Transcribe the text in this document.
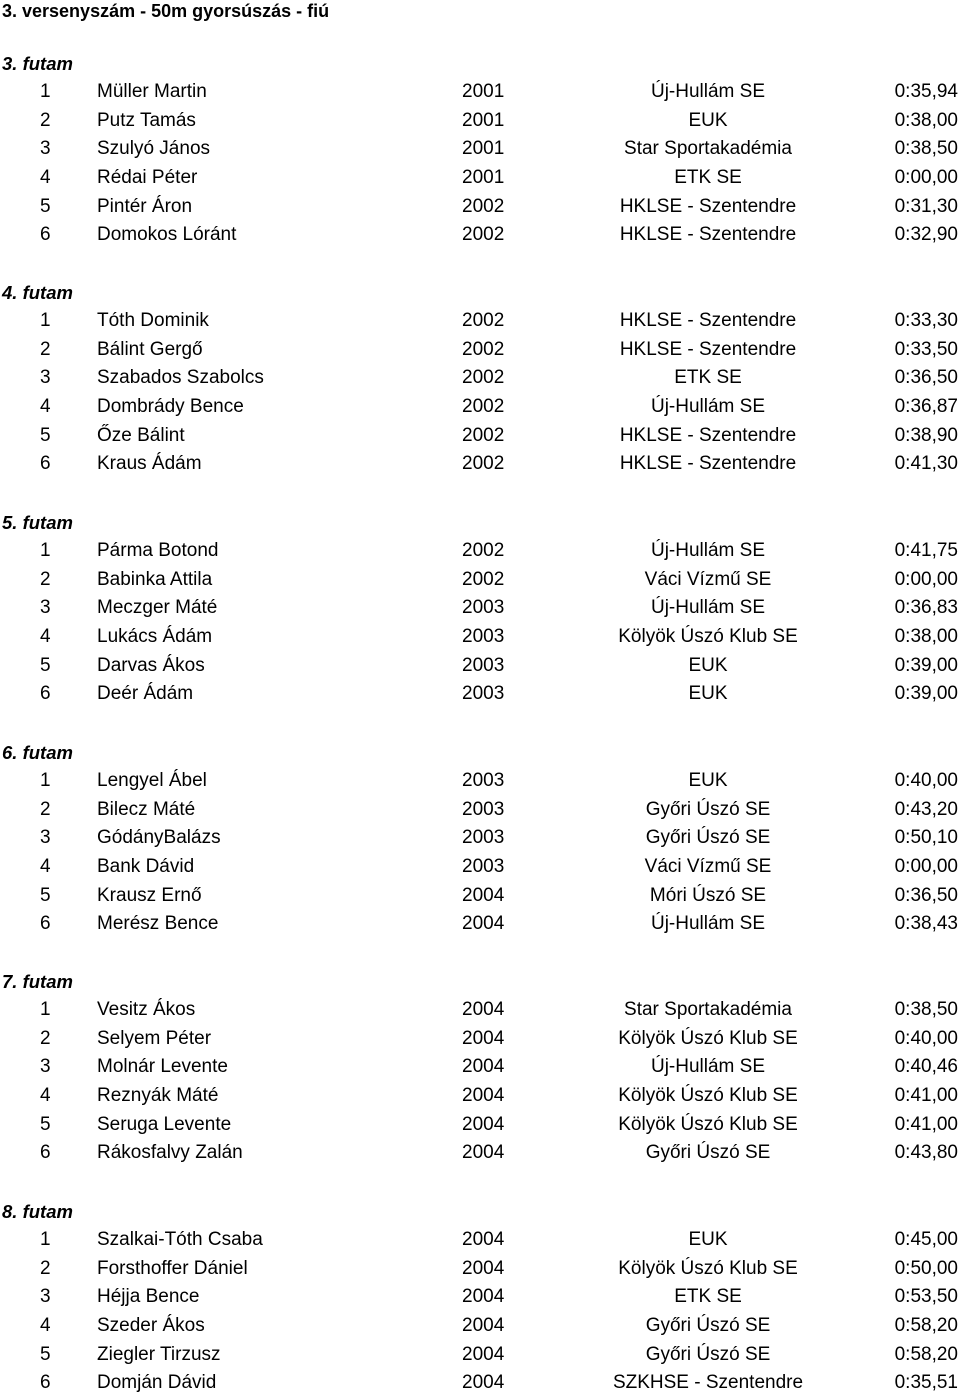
3. versenyszám - 50m gyorsúszás - fiú
3. futam
1 Müller Martin	2001	Új-Hullám SE	0:35,94
2 Putz Tamás	2001	EUK	0:38,00
3 Szulyó János	2001	Star Sportakadémia	0:38,50
4 Rédai Péter	2001	ETK SE	0:00,00
5 Pintér Áron	2002	HKLSE - Szentendre	0:31,30
6 Domokos Lóránt	2002	HKLSE - Szentendre	0:32,90
4. futam
1 Tóth Dominik	2002	HKLSE - Szentendre	0:33,30
2 Bálint Gergő	2002	HKLSE - Szentendre	0:33,50
3 Szabados Szabolcs	2002	ETK SE	0:36,50
4 Dombrády Bence	2002	Új-Hullám SE	0:36,87
5 Őze Bálint	2002	HKLSE - Szentendre	0:38,90
6 Kraus Ádám	2002	HKLSE - Szentendre	0:41,30
5. futam
1 Pármа Botond	2002	Új-Hullám SE	0:41,75
2 Babinka Attila	2002	Váci Vízmű SE	0:00,00
3 Meczger Máté	2003	Új-Hullám SE	0:36,83
4 Lukács Ádám	2003	Kölyök Úszó Klub SE	0:38,00
5 Darvas Ákos	2003	EUK	0:39,00
6 Deér Ádám	2003	EUK	0:39,00
6. futam
1 Lengyel Ábel	2003	EUK	0:40,00
2 Bilecz Máté	2003	Győri Úszó SE	0:43,20
3 GódányBalázs	2003	Győri Úszó SE	0:50,10
4 Bank Dávid	2003	Váci Vízmű SE	0:00,00
5 Krausz Ernő	2004	Móri Úszó SE	0:36,50
6 Merész Bence	2004	Új-Hullám SE	0:38,43
7. futam
1 Vesitz Ákos	2004	Star Sportakadémia	0:38,50
2 Selyem Péter	2004	Kölyök Úszó Klub SE	0:40,00
3 Molnár Levente	2004	Új-Hullám SE	0:40,46
4 Reznyák Máté	2004	Kölyök Úszó Klub SE	0:41,00
5 Seruga Levente	2004	Kölyök Úszó Klub SE	0:41,00
6 Rákosfalvy Zalán	2004	Győri Úszó SE	0:43,80
8. futam
1 Szalkai-Tóth Csaba	2004	EUK	0:45,00
2 Forsthoffer Dániel	2004	Kölyök Úszó Klub SE	0:50,00
3 Héjja Bence	2004	ETK SE	0:53,50
4 Szeder Ákos	2004	Győri Úszó SE	0:58,20
5 Ziegler Tirzusz	2004	Győri Úszó SE	0:58,20
6 Domján Dávid	2004	SZKHSE - Szentendre	0:35,51
